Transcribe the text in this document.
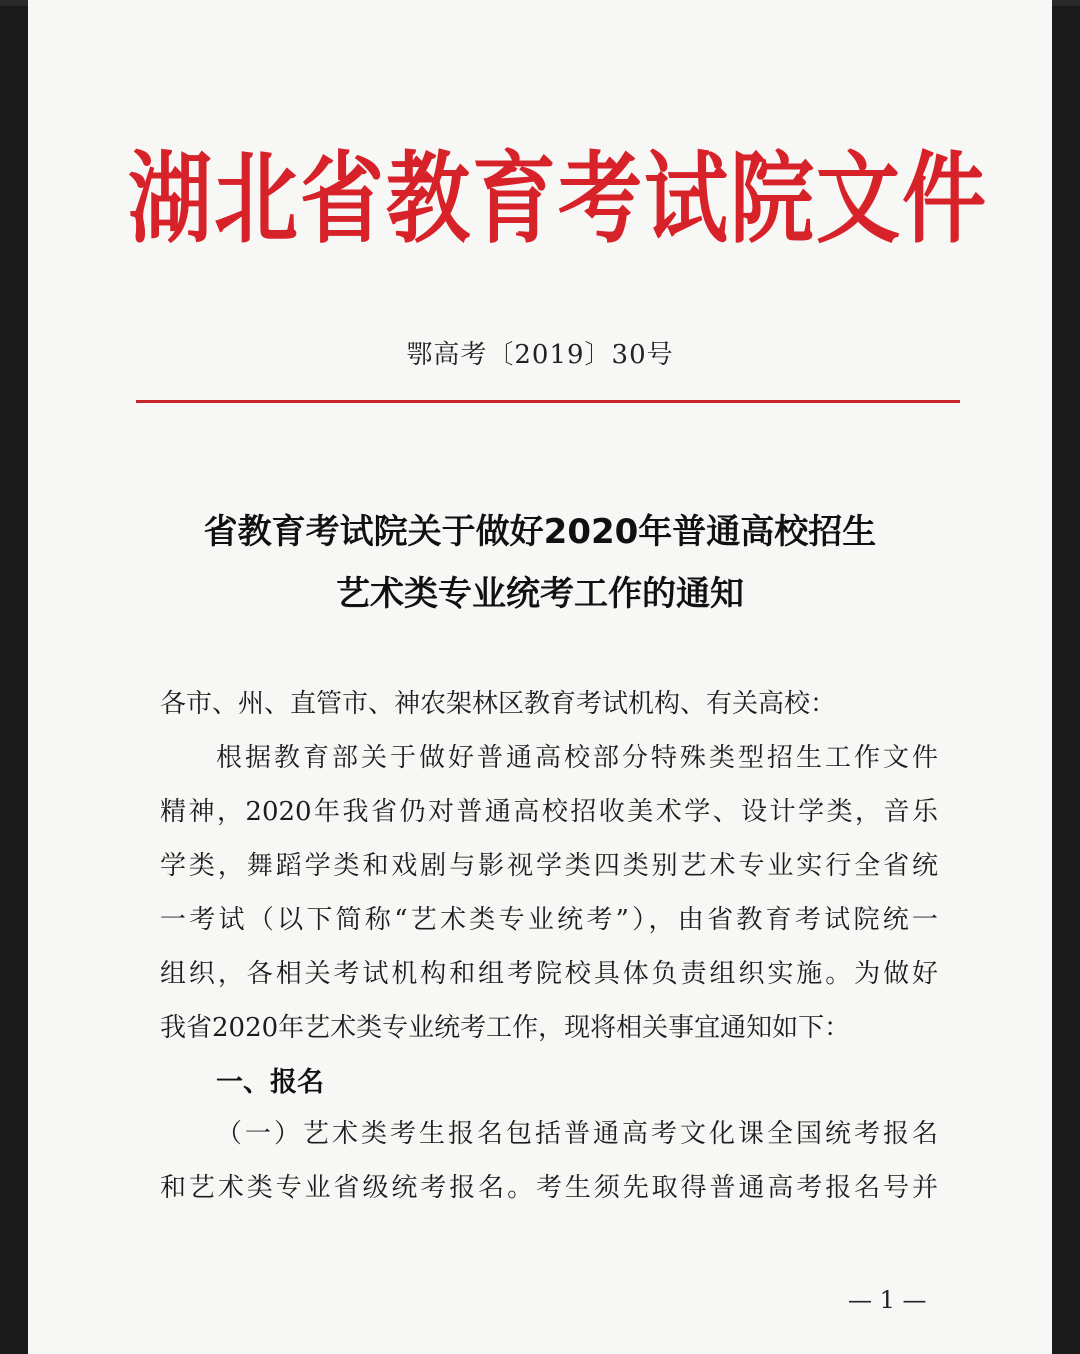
湖北省教育考试院文件
鄂高考〔2019〕30号
省教育考试院关于做好2020年普通高校招生
艺术类专业统考工作的通知
各市、州、直管市、神农架林区教育考试机构、有关高校：
根据教育部关于做好普通高校部分特殊类型招生工作文件
精神，2020年我省仍对普通高校招收美术学、设计学类，音乐
学类，舞蹈学类和戏剧与影视学类四类别艺术专业实行全省统
一考试（以下简称“艺术类专业统考”），由省教育考试院统一
组织，各相关考试机构和组考院校具体负责组织实施。为做好
我省2020年艺术类专业统考工作，现将相关事宜通知如下：
一、报名
（一）艺术类考生报名包括普通高考文化课全国统考报名
和艺术类专业省级统考报名。考生须先取得普通高考报名号并
— 1 —
